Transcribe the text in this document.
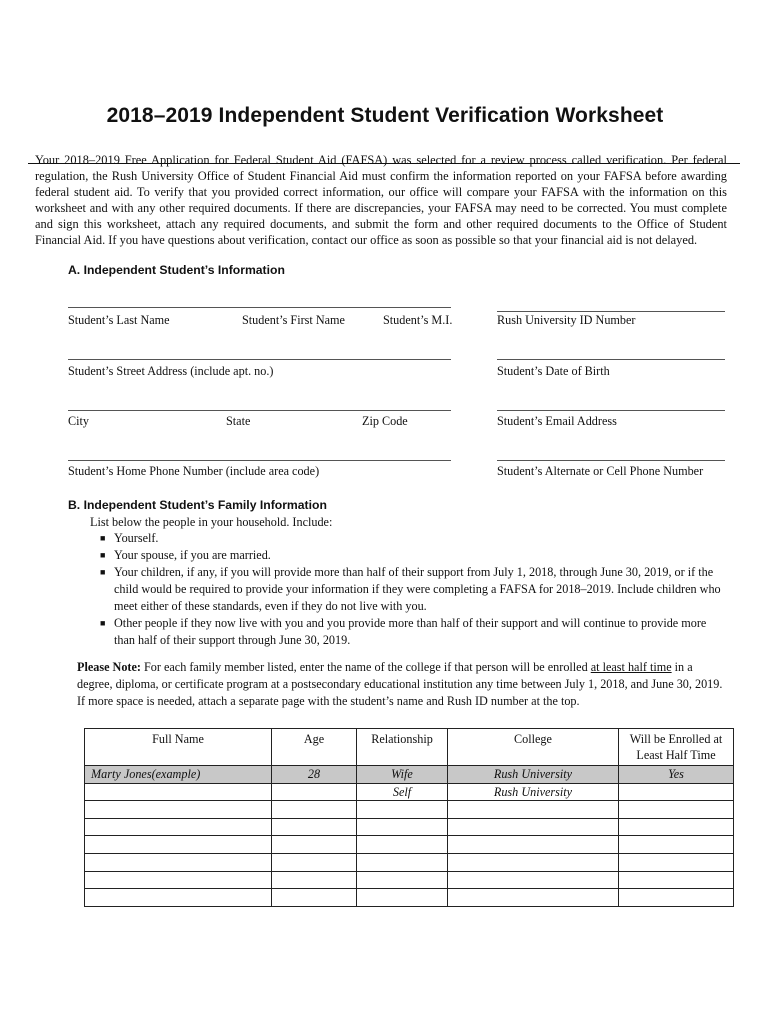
2018–2019 Independent Student Verification Worksheet
Your 2018–2019 Free Application for Federal Student Aid (FAFSA) was selected for a review process called verification. Per federal regulation, the Rush University Office of Student Financial Aid must confirm the information reported on your FAFSA before awarding federal student aid. To verify that you provided correct information, our office will compare your FAFSA with the information on this worksheet and with any other required documents. If there are discrepancies, your FAFSA may need to be corrected. You must complete and sign this worksheet, attach any required documents, and submit the form and other required documents to the Office of Student Financial Aid. If you have questions about verification, contact our office as soon as possible so that your financial aid is not delayed.
A. Independent Student’s Information
Student’s Last Name	Student’s First Name	Student’s M.I.	Rush University ID Number
Student’s Street Address (include apt. no.)	Student’s Date of Birth
City	State	Zip Code	Student’s Email Address
Student’s Home Phone Number (include area code)	Student’s Alternate or Cell Phone Number
B. Independent Student’s Family Information
List below the people in your household. Include:
■ Yourself.
■ Your spouse, if you are married.
■ Your children, if any, if you will provide more than half of their support from July 1, 2018, through June 30, 2019, or if the child would be required to provide your information if they were completing a FAFSA for 2018–2019. Include children who meet either of these standards, even if they do not live with you.
■ Other people if they now live with you and you provide more than half of their support and will continue to provide more than half of their support through June 30, 2019.
Please Note: For each family member listed, enter the name of the college if that person will be enrolled at least half time in a degree, diploma, or certificate program at a postsecondary educational institution any time between July 1, 2018, and June 30, 2019. If more space is needed, attach a separate page with the student’s name and Rush ID number at the top.
Full Name	Age	Relationship	College	Will be Enrolled at Least Half Time
Marty Jones(example)	28	Wife	Rush University	Yes
		Self	Rush University	
